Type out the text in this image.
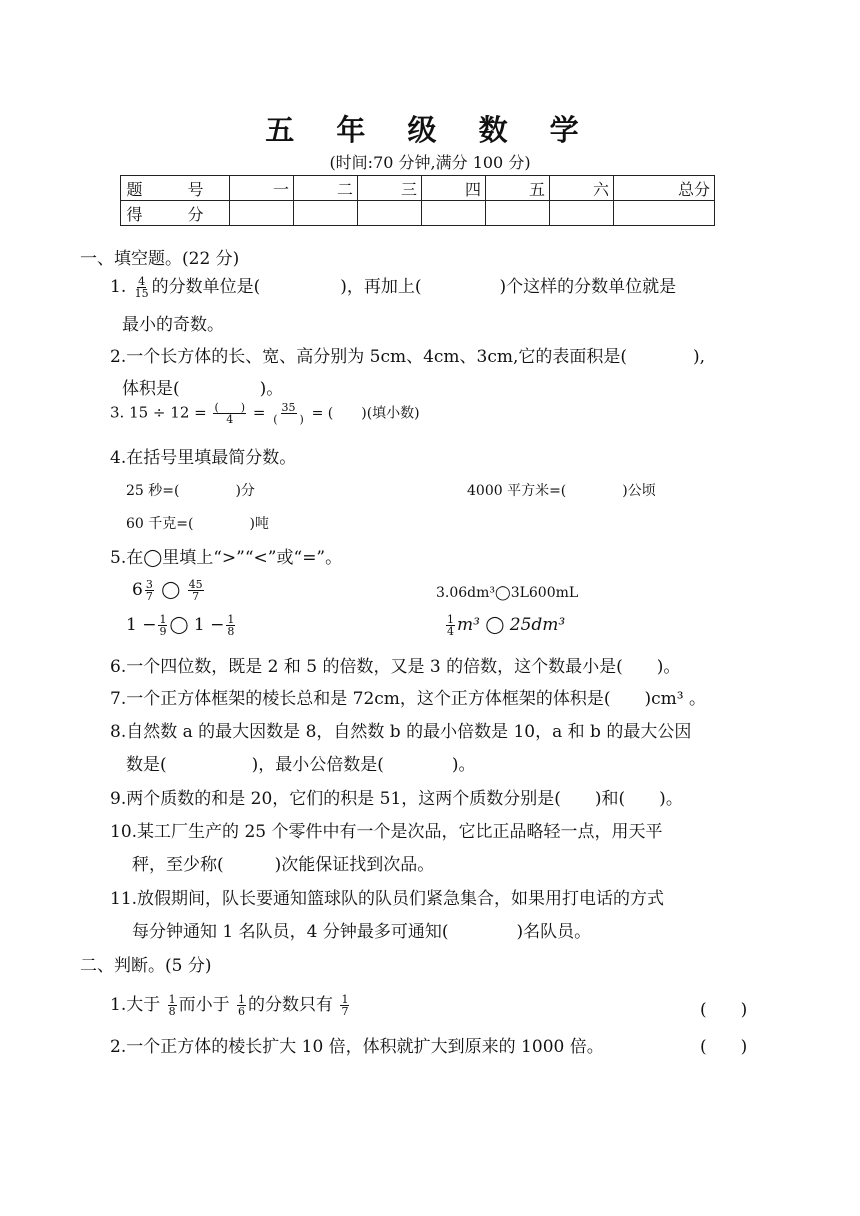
五 年 级 数 学
(时间:70 分钟,满分 100 分)
题 号	一	二	三	四	五	六	总分
得 分							
一、填空题。(22 分)
1. $\frac{4}{15}$ 的分数单位是(	)，再加上(	)个这样的分数单位就是
最小的奇数。
2.一个长方体的长、宽、高分别为 5cm、4cm、3cm,它的表面积是(	),
体积是(	)。
3. $15 \div 12 = \frac{( )}{4} = \frac{35}{( )}$ = (　　)(填小数)
4.在括号里填最简分数。
25 秒=(　　　　)分	4000 平方米=(　　　　)公顷
60 千克=(　　　　)吨
5.在◯里填上“>”“<”或“=”。
$6 \frac{3}{7}$ ◯ $\frac{45}{7}$	3.06dm³◯3L600mL
$1 - \frac{1}{9}$ ◯ $1 - \frac{1}{8}$	$\frac{1}{4} m^3$ ◯ 25dm³
6.一个四位数，既是 2 和 5 的倍数，又是 3 的倍数，这个数最小是(　　)。
7.一个正方体框架的棱长总和是 72cm，这个正方体框架的体积是(　　)cm³ 。
8.自然数 a 的最大因数是 8，自然数 b 的最小倍数是 10，a 和 b 的最大公因
数是(　　　　　)，最小公倍数是(　　　　)。
9.两个质数的和是 20，它们的积是 51，这两个质数分别是(　　)和(　　)。
10.某工厂生产的 25 个零件中有一个是次品，它比正品略轻一点，用天平
秤，至少称(　　　)次能保证找到次品。
11.放假期间，队长要通知篮球队的队员们紧急集合，如果用打电话的方式
每分钟通知 1 名队员，4 分钟最多可通知(　　　　)名队员。
二、判断。(5 分)
1.大于 $\frac{1}{8}$ 而小于 $\frac{1}{6}$ 的分数只有 $\frac{1}{7}$	(　　)
2.一个正方体的棱长扩大 10 倍，体积就扩大到原来的 1000 倍。	(　　)
